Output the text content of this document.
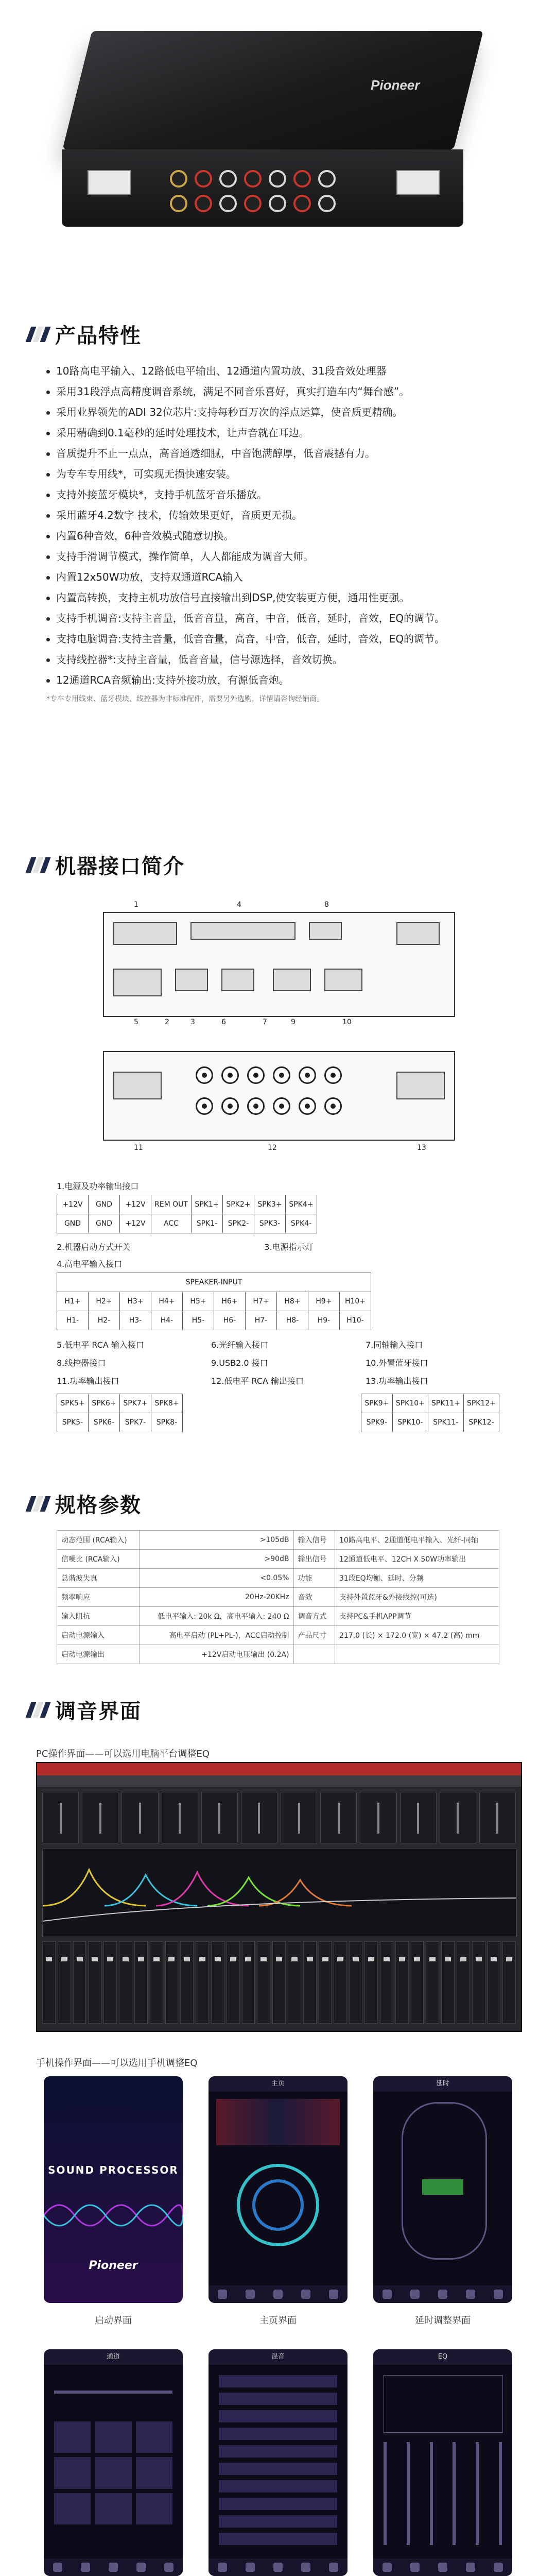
Pioneer
产品特性
10路高电平输入、12路低电平输出、12通道内置功放、31段音效处理器
采用31段浮点高精度调音系统，满足不同音乐喜好，真实打造车内“舞台感”。
采用业界领先的ADI 32位芯片:支持每秒百万次的浮点运算，使音质更精确。
采用精确到0.1毫秒的延时处理技术，让声音就在耳边。
音质提升不止一点点，高音通透细腻，中音饱满醇厚，低音震撼有力。
为专车专用线*，可实现无损快速安装。
支持外接蓝牙模块*，支持手机蓝牙音乐播放。
采用蓝牙4.2数字 技术，传输效果更好，音质更无损。
内置6种音效，6种音效模式随意切换。
支持手滑调节模式，操作简单，人人都能成为调音大师。
内置12x50W功放，支持双通道RCA输入
内置高转换，支持主机功放信号直接输出到DSP,使安装更方便，通用性更强。
支持手机调音:支持主音量，低音音量，高音，中音，低音，延时，音效，EQ的调节。
支持电脑调音:支持主音量，低音音量，高音，中音，低音，延时，音效，EQ的调节。
支持线控器*:支持主音量，低音音量，信号源选择，音效切换。
12通道RCA音频输出:支持外接功放，有源低音炮。
*专车专用线束、蓝牙模块、线控器为非标准配件，需要另外选购，详情请咨询经销商。
机器接口简介
1
2	3
4
5	6	7
8
9	10
11	12	13
1.电源及功率输出接口
+12V	GND	+12V	REM OUT	SPK1+	SPK2+	SPK3+	SPK4+
GND	GND	+12V	ACC	SPK1-	SPK2-	SPK3-	SPK4-
2.机器启动方式开关	3.电源指示灯
4.高电平输入接口
SPEAKER-INPUT									
H1+	H2+	H3+	H4+	H5+	H6+	H7+	H8+	H9+	H10+
H1-	H2-	H3-	H4-	H5-	H6-	H7-	H8-	H9-	H10-
5.低电平 RCA 输入接口	6.光纤输入接口	7.同轴输入接口
8.线控器接口	9.USB2.0 接口	10.外置蓝牙接口
11.功率输出接口	12.低电平 RCA 输出接口	13.功率输出接口
SPK5+	SPK6+	SPK7+	SPK8+
SPK5-	SPK6-	SPK7-	SPK8-
SPK9+	SPK10+	SPK11+	SPK12+
SPK9-	SPK10-	SPK11-	SPK12-
规格参数
动态范围 (RCA输入)	>105dB	输入信号	10路高电平、2通道低电平输入、光纤-同轴
信噪比 (RCA输入)	>90dB	输出信号	12通道低电平、12CH X 50W功率输出
总谐波失真	<0.05%	功能	31段EQ均衡、延时、分频
频率响应	20Hz-20KHz	音效	支持外置蓝牙&外接线控(可选)
输入阻抗	低电平输入: 20k Ω，高电平输入: 240 Ω	调音方式	支持PC&手机APP调节
启动电源输入	高电平启动 (PL+PL-)，ACC启动控制	产品尺寸	217.0 (长) × 172.0 (宽) × 47.2 (高) mm
启动电源输出	+12V启动电压输出 (0.2A)		
调音界面
PC操作界面——可以选用电脑平台调整EQ
手机操作界面——可以选用手机调整EQ
SOUND PROCESSOR
Pioneer
启动界面
主页
主页界面
延时
延时调整界面
通道	混音	EQ
